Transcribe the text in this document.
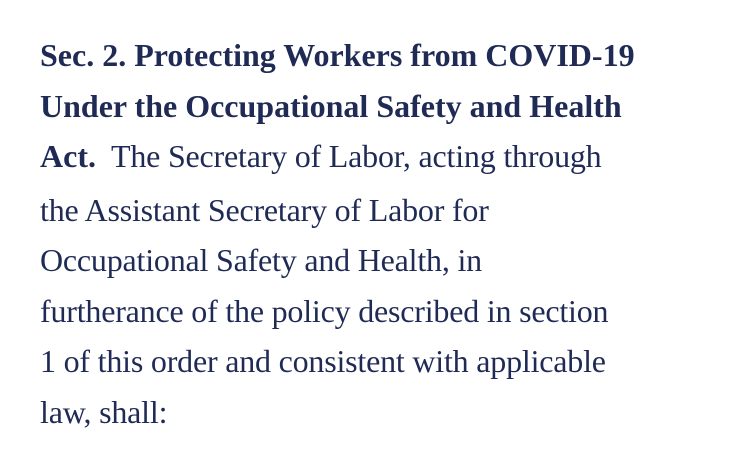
Sec. 2. Protecting Workers from COVID-19
Under the Occupational Safety and Health
Act.  The Secretary of Labor, acting through
the Assistant Secretary of Labor for
Occupational Safety and Health, in
furtherance of the policy described in section
1 of this order and consistent with applicable
law, shall:
